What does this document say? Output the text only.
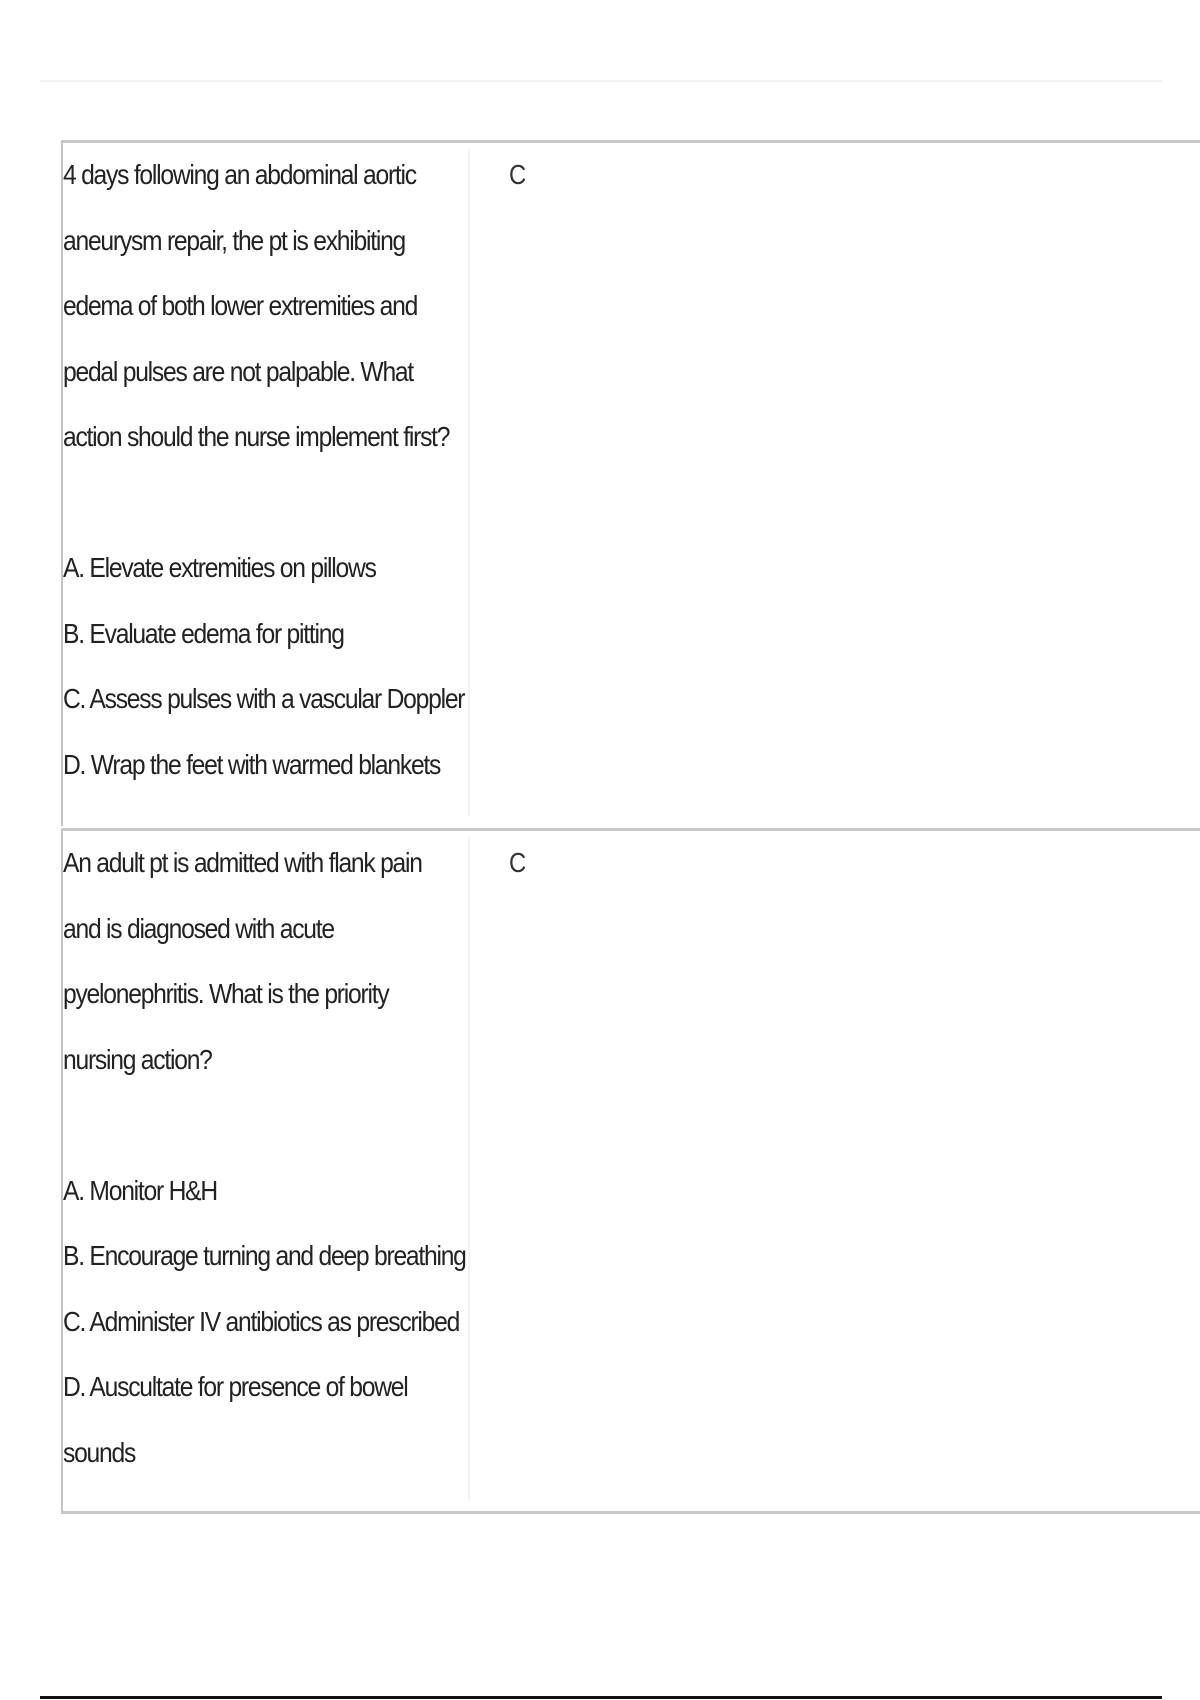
4 days following an abdominal aortic
aneurysm repair, the pt is exhibiting
edema of both lower extremities and
pedal pulses are not palpable. What
action should the nurse implement first?
A. Elevate extremities on pillows
B. Evaluate edema for pitting
C. Assess pulses with a vascular Doppler
D. Wrap the feet with warmed blankets
C
An adult pt is admitted with flank pain
and is diagnosed with acute
pyelonephritis. What is the priority
nursing action?
A. Monitor H&H
B. Encourage turning and deep breathing
C. Administer IV antibiotics as prescribed
D. Auscultate for presence of bowel
sounds
C
